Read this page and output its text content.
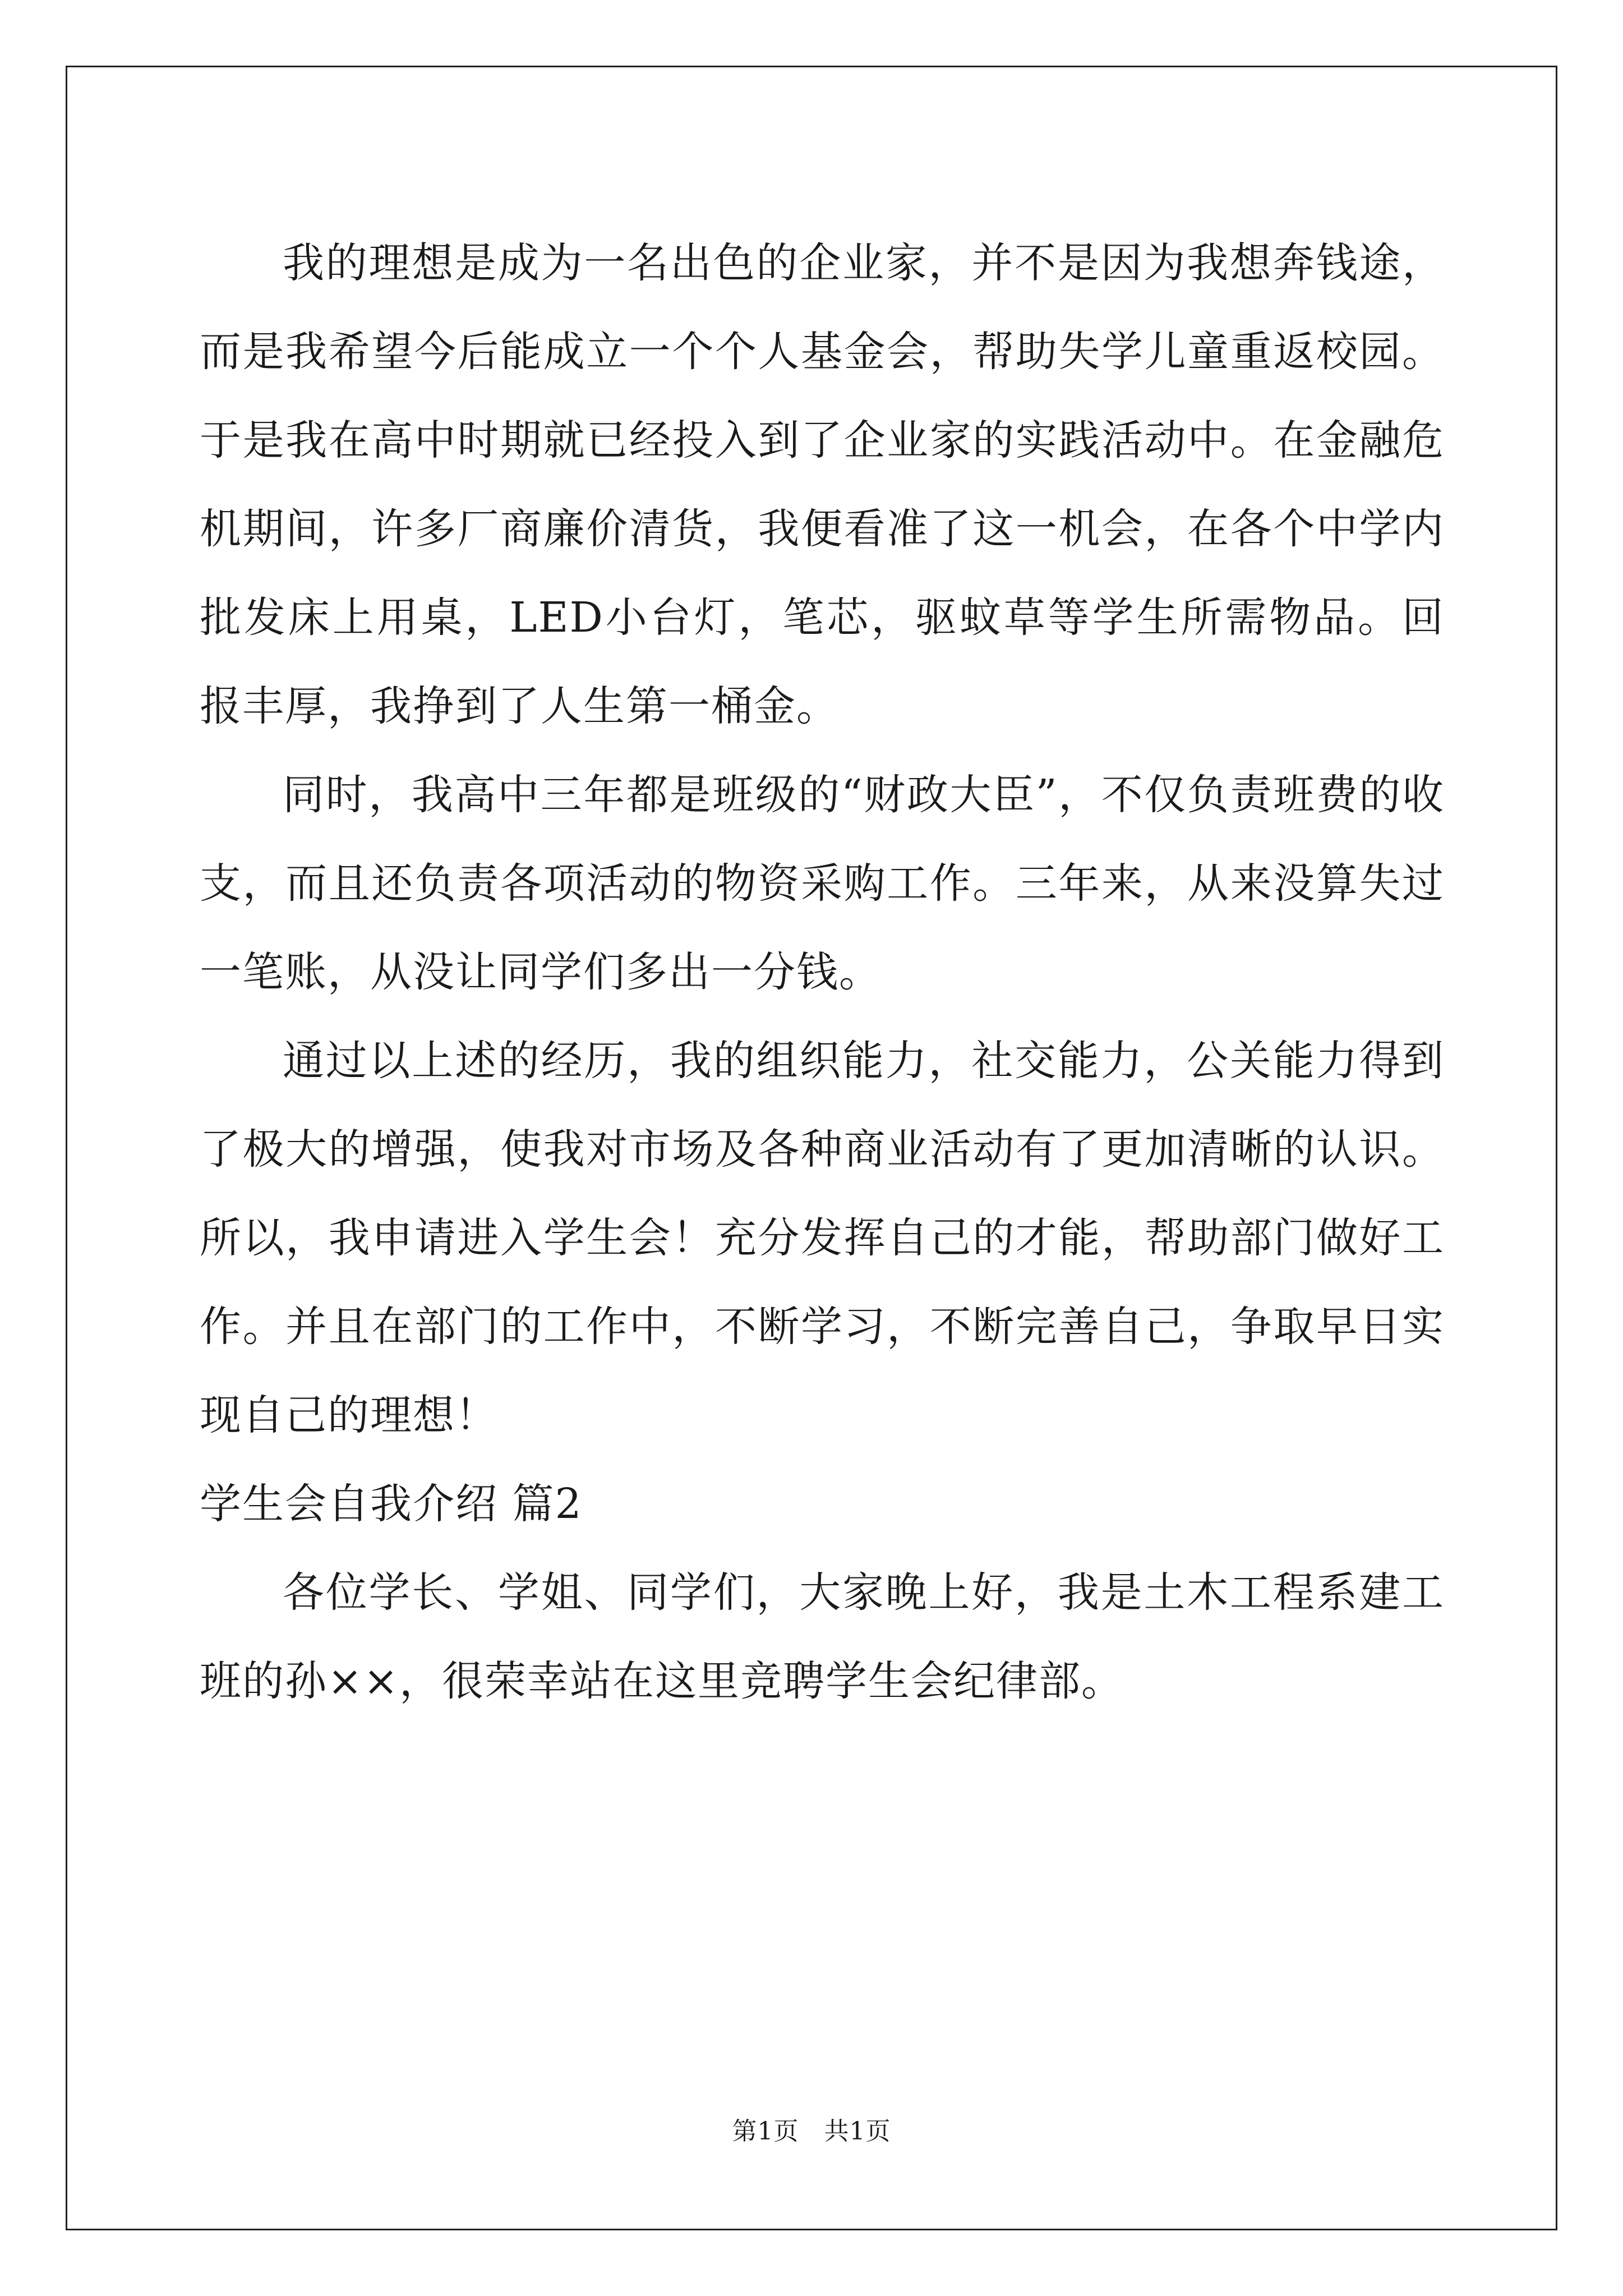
我的理想是成为一名出色的企业家，并不是因为我想奔钱途，而是我希望今后能成立一个个人基金会，帮助失学儿童重返校园。于是我在高中时期就已经投入到了企业家的实践活动中。在金融危机期间，许多厂商廉价清货，我便看准了这一机会，在各个中学内批发床上用桌，LED小台灯，笔芯，驱蚊草等学生所需物品。回报丰厚，我挣到了人生第一桶金。

同时，我高中三年都是班级的“财政大臣”，不仅负责班费的收支，而且还负责各项活动的物资采购工作。三年来，从来没算失过一笔账，从没让同学们多出一分钱。

通过以上述的经历，我的组织能力，社交能力，公关能力得到了极大的增强，使我对市场及各种商业活动有了更加清晰的认识。所以，我申请进入学生会！充分发挥自己的才能，帮助部门做好工作。并且在部门的工作中，不断学习，不断完善自己，争取早日实现自己的理想！

学生会自我介绍 篇2

各位学长、学姐、同学们，大家晚上好，我是土木工程系建工班的孙××，很荣幸站在这里竞聘学生会纪律部。

第1页　共1页
